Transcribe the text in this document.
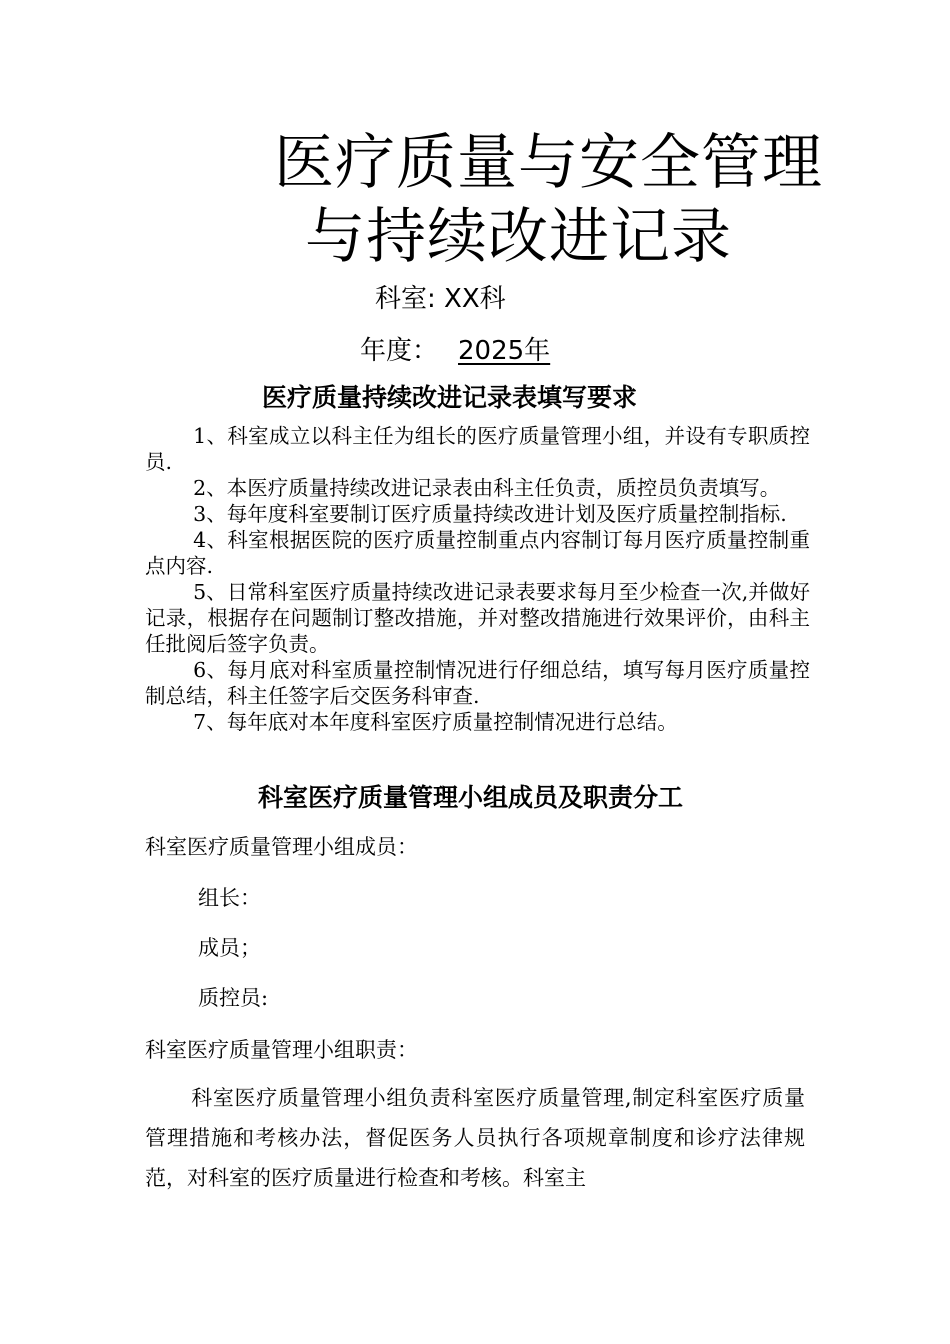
医疗质量与安全管理
与持续改进记录
科室: XX科
年度： 2025年
医疗质量持续改进记录表填写要求

1、科室成立以科主任为组长的医疗质量管理小组，并设有专职质控员.

2、本医疗质量持续改进记录表由科主任负责，质控员负责填写。

3、每年度科室要制订医疗质量持续改进计划及医疗质量控制指标.

4、科室根据医院的医疗质量控制重点内容制订每月医疗质量控制重点内容.

5、日常科室医疗质量持续改进记录表要求每月至少检查一次,并做好记录，根据存在问题制订整改措施，并对整改措施进行效果评价，由科主任批阅后签字负责。

6、每月底对科室质量控制情况进行仔细总结，填写每月医疗质量控制总结，科主任签字后交医务科审查.

7、每年底对本年度科室医疗质量控制情况进行总结。

科室医疗质量管理小组成员及职责分工
科室医疗质量管理小组成员：
组长：
成员；
质控员:
科室医疗质量管理小组职责：

科室医疗质量管理小组负责科室医疗质量管理,制定科室医疗质量管理措施和考核办法，督促医务人员执行各项规章制度和诊疗法律规范，对科室的医疗质量进行检查和考核。科室主
